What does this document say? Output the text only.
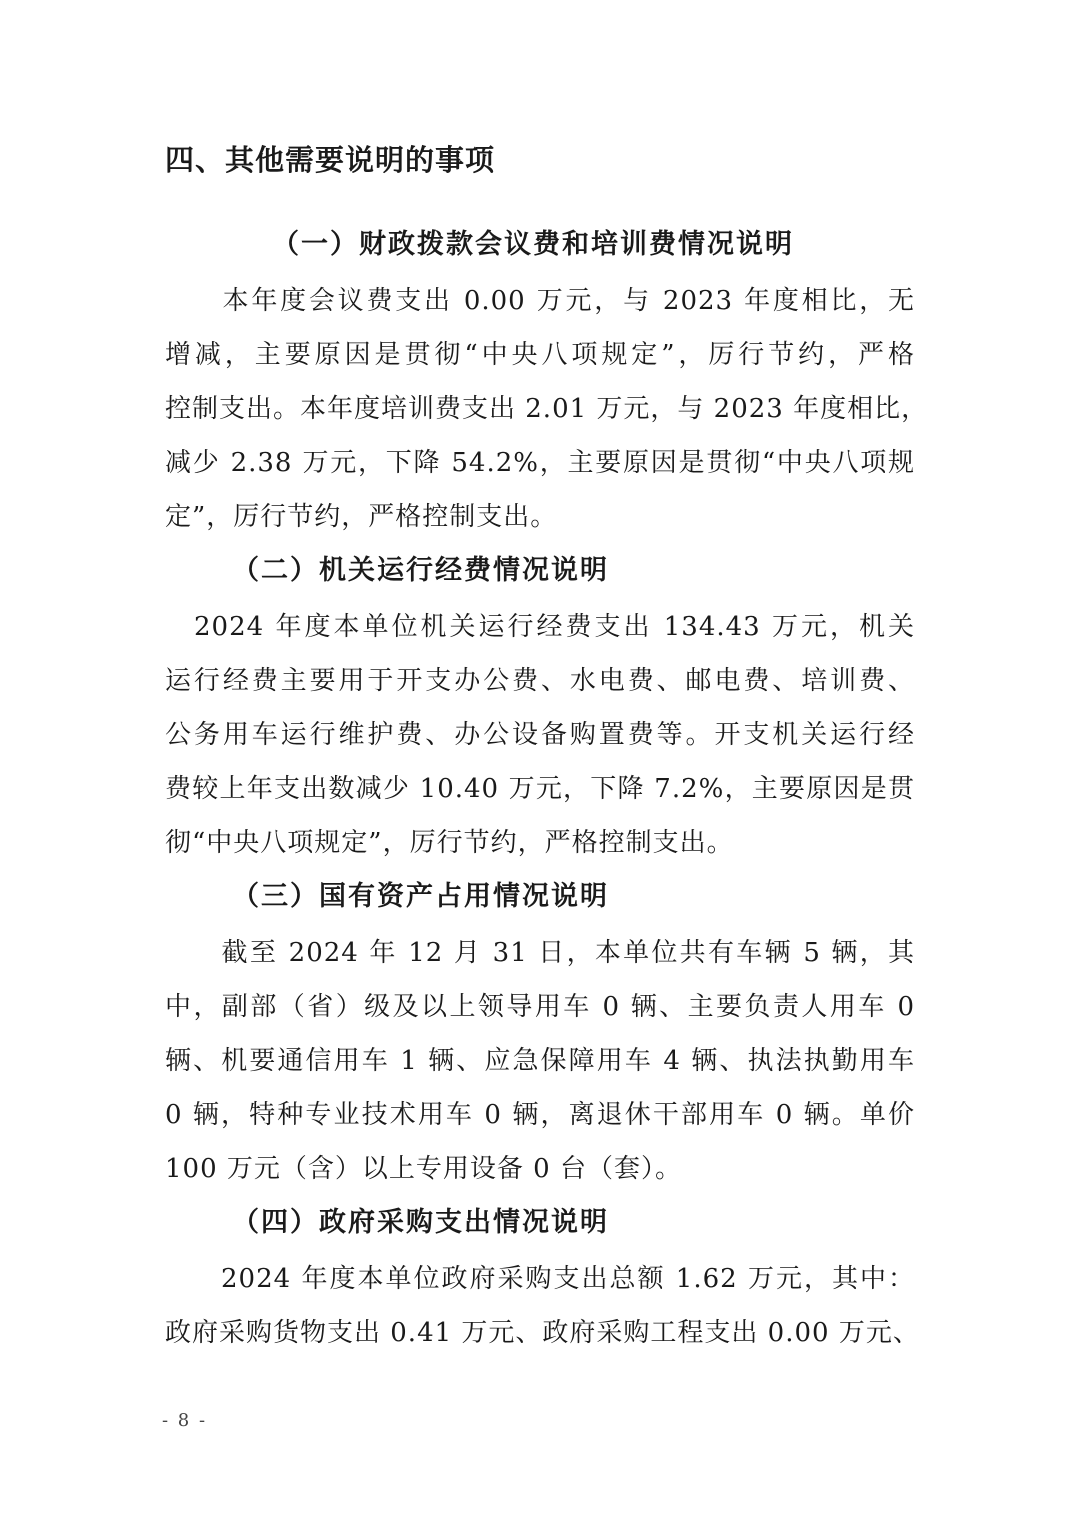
四、其他需要说明的事项
（一）财政拨款会议费和培训费情况说明

　　本年度会议费支出 0.00 万元，与 2023 年度相比，无
增减，主要原因是贯彻“中央八项规定”，厉行节约，严格
控制支出。本年度培训费支出 2.01 万元，与 2023 年度相比，
减少 2.38 万元，下降 54.2%，主要原因是贯彻“中央八项规
定”，厉行节约，严格控制支出。

（二）机关运行经费情况说明

　2024 年度本单位机关运行经费支出 134.43 万元，机关
运行经费主要用于开支办公费、水电费、邮电费、培训费、
公务用车运行维护费、办公设备购置费等。开支机关运行经
费较上年支出数减少 10.40 万元，下降 7.2%，主要原因是贯
彻“中央八项规定”，厉行节约，严格控制支出。

（三）国有资产占用情况说明

　　截至 2024 年 12 月 31 日，本单位共有车辆 5 辆，其
中，副部（省）级及以上领导用车 0 辆、主要负责人用车 0
辆、机要通信用车 1 辆、应急保障用车 4 辆、执法执勤用车
0 辆，特种专业技术用车 0 辆，离退休干部用车 0 辆。单价
100 万元（含）以上专用设备 0 台（套）。

（四）政府采购支出情况说明

　　2024 年度本单位政府采购支出总额 1.62 万元，其中：
政府采购货物支出 0.41 万元、政府采购工程支出 0.00 万元、

- 8 -
